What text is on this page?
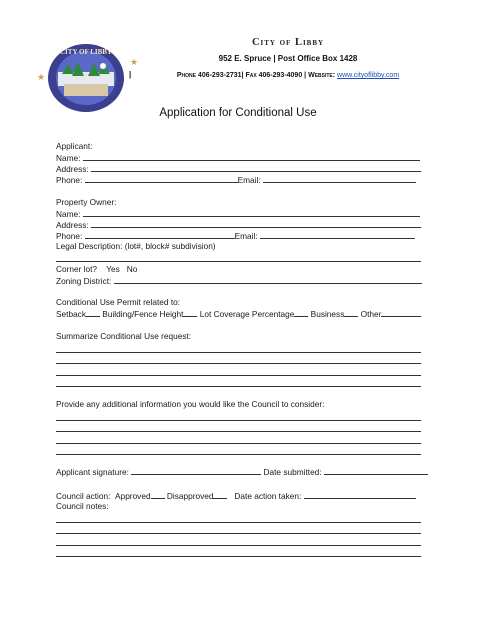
CITY OF LIBBY
★
★
City of Libby
952 E. Spruce | Post Office Box 1428
|	Phone 406-293-2731| Fax 406-293-4090 | Website: www.cityoflibby.com
Application for Conditional Use
Applicant:
Name:
Address:
Phone:	Email:
Property Owner:
Name:
Address:
Phone:	Email:
Legal Description: (lot#, block# subdivision)
Corner lot? Yes No
Zoning District:
Conditional Use Permit related to:
Setback Building/Fence Height Lot Coverage Percentage Business Other
Summarize Conditional Use request:
Provide any additional information you would like the Council to consider:
Applicant signature:	Date submitted:
Council action: Approved Disapproved	Date action taken:
Council notes:
